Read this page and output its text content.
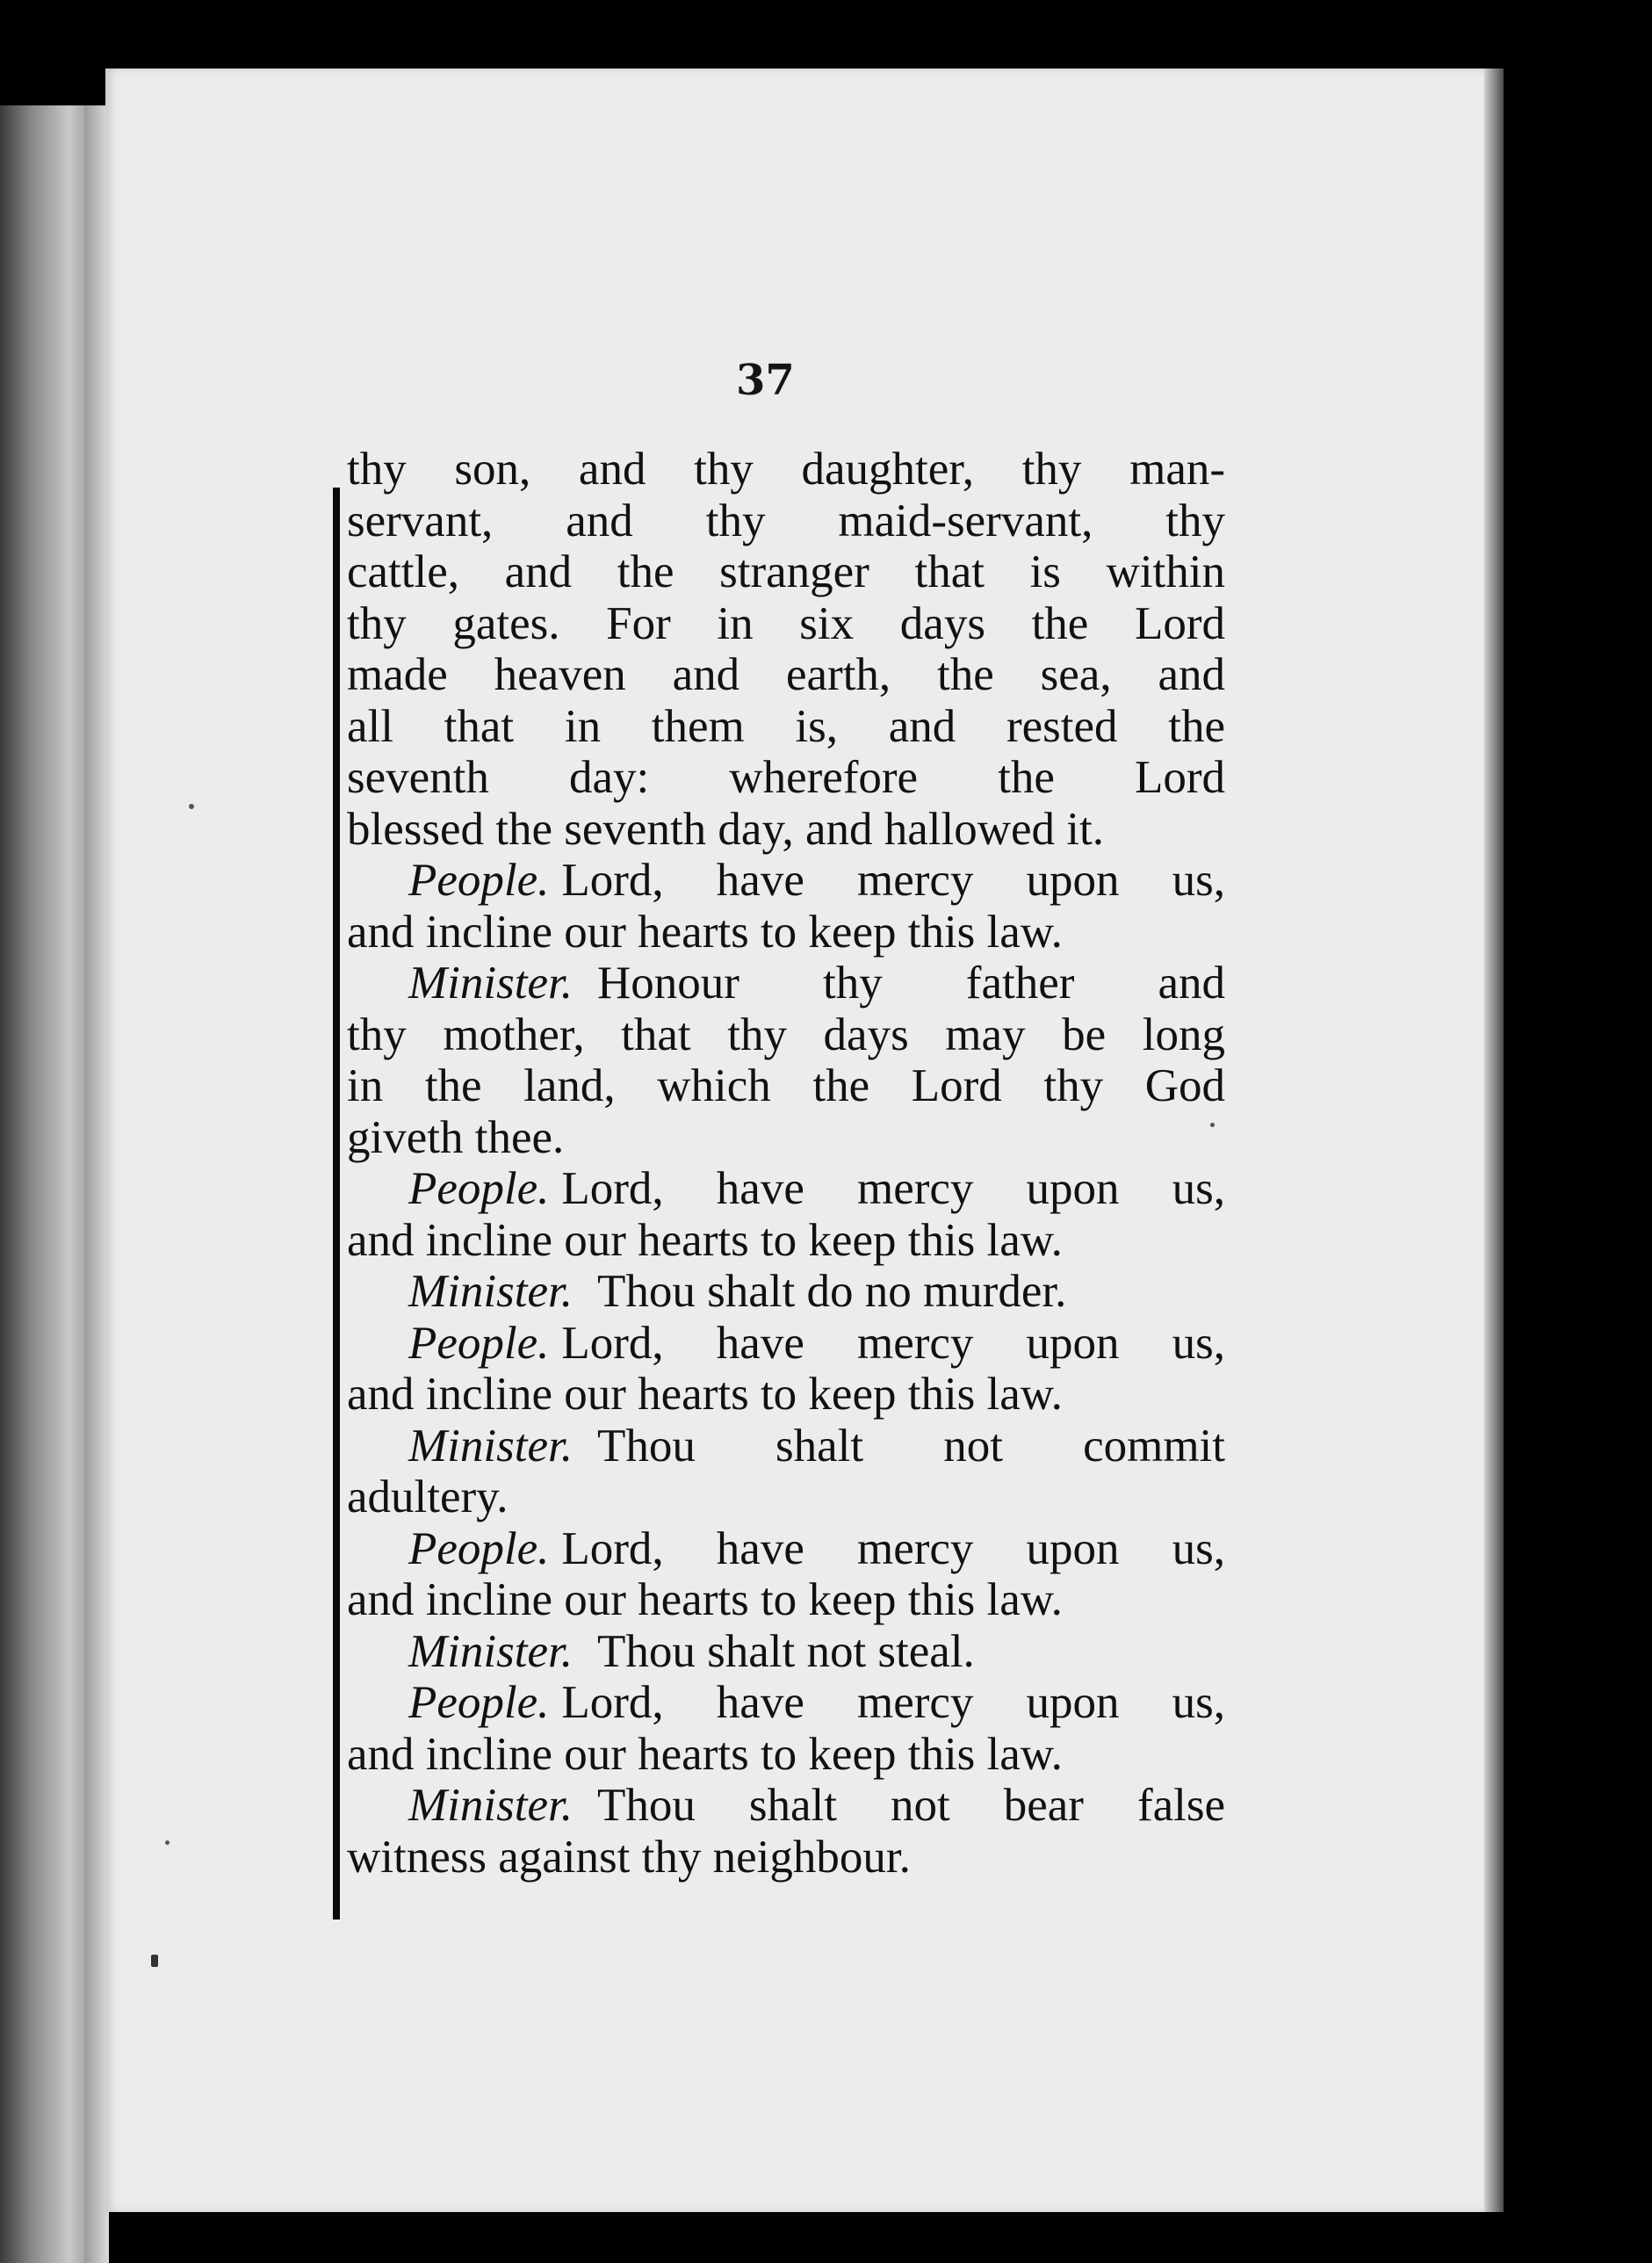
37
thy son, and thy daughter, thy man-
servant, and thy maid-servant, thy
cattle, and the stranger that is within
thy gates. For in six days the Lord
made heaven and earth, the sea, and
all that in them is, and rested the
seventh day: wherefore the Lord
blessed the seventh day, and hallowed it.
People. Lord, have mercy upon us,
and incline our hearts to keep this law.
Minister. Honour thy father and
thy mother, that thy days may be long
in the land, which the Lord thy God
giveth thee.
People. Lord, have mercy upon us,
and incline our hearts to keep this law.
Minister. Thou shalt do no murder.
People. Lord, have mercy upon us,
and incline our hearts to keep this law.
Minister. Thou shalt not commit
adultery.
People. Lord, have mercy upon us,
and incline our hearts to keep this law.
Minister. Thou shalt not steal.
People. Lord, have mercy upon us,
and incline our hearts to keep this law.
Minister. Thou shalt not bear false
witness against thy neighbour.
